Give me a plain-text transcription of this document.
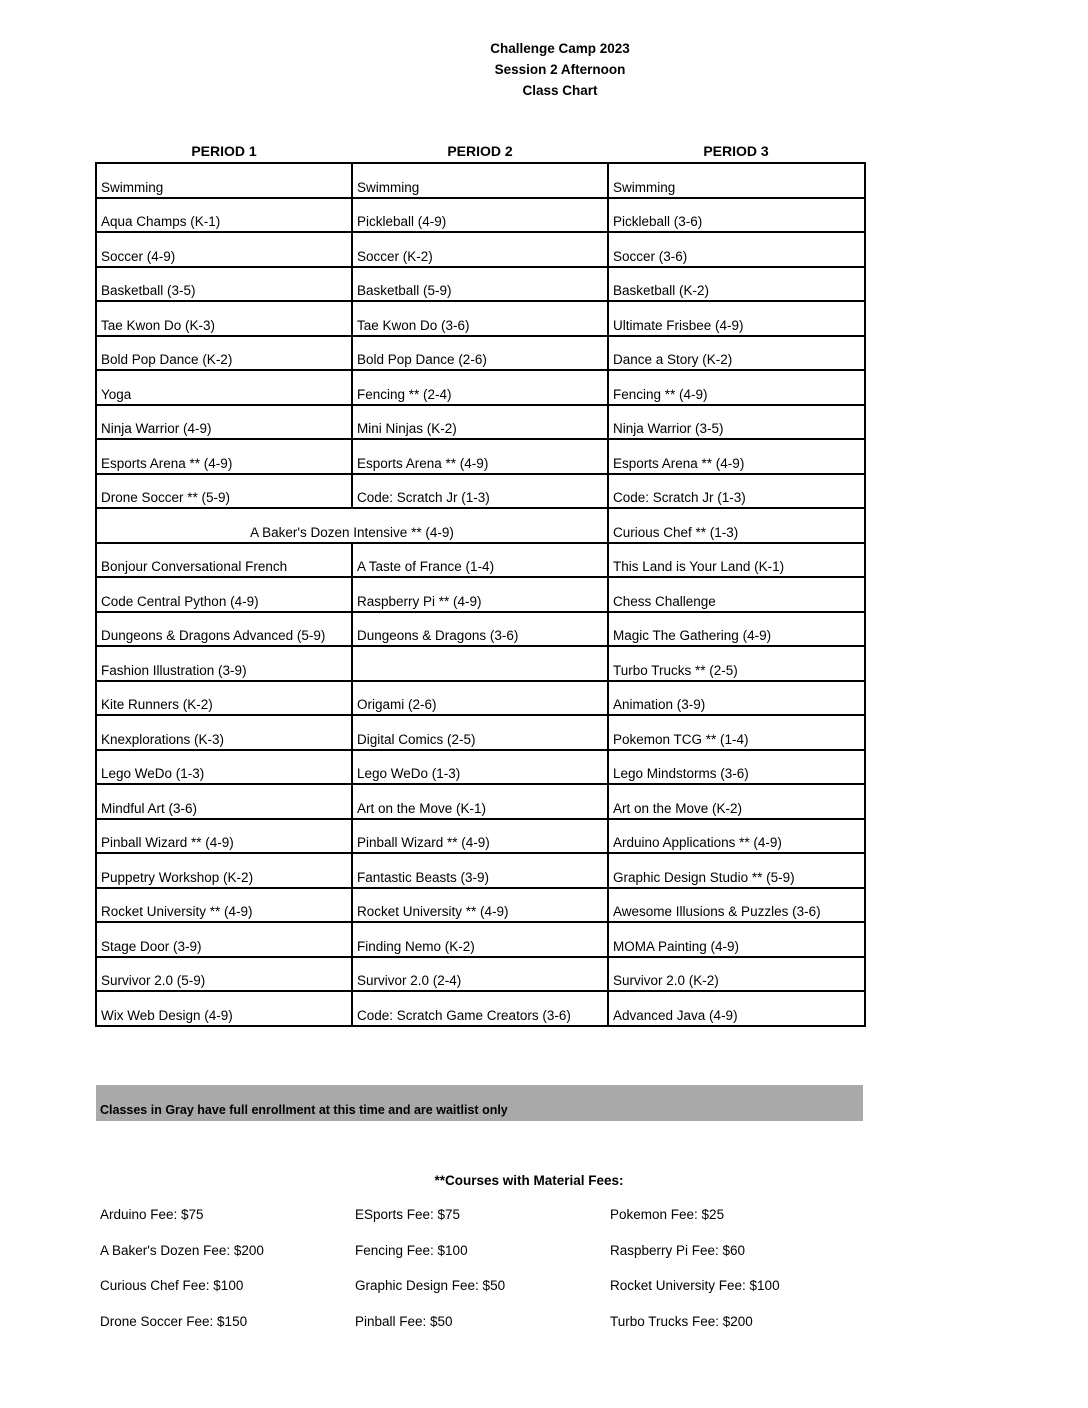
Challenge Camp 2023
Session 2 Afternoon
Class Chart
PERIOD 1	PERIOD 2	PERIOD 3
Swimming	Swimming	Swimming
Aqua Champs (K-1)	Pickleball (4-9)	Pickleball (3-6)
Soccer (4-9)	Soccer (K-2)	Soccer (3-6)
Basketball (3-5)	Basketball (5-9)	Basketball (K-2)
Tae Kwon Do (K-3)	Tae Kwon Do (3-6)	Ultimate Frisbee (4-9)
Bold Pop Dance (K-2)	Bold Pop Dance (2-6)	Dance a Story (K-2)
Yoga	Fencing ** (2-4)	Fencing ** (4-9)
Ninja Warrior (4-9)	Mini Ninjas (K-2)	Ninja Warrior (3-5)
Esports Arena ** (4-9)	Esports Arena ** (4-9)	Esports Arena ** (4-9)
Drone Soccer ** (5-9)	Code: Scratch Jr (1-3)	Code: Scratch Jr (1-3)
A Baker's Dozen Intensive ** (4-9)		Curious Chef ** (1-3)
Bonjour Conversational French	A Taste of France (1-4)	This Land is Your Land (K-1)
Code Central Python (4-9)	Raspberry Pi ** (4-9)	Chess Challenge
Dungeons & Dragons Advanced (5-9)	Dungeons & Dragons (3-6)	Magic The Gathering (4-9)
Fashion Illustration (3-9)		Turbo Trucks ** (2-5)
Kite Runners (K-2)	Origami (2-6)	Animation (3-9)
Knexplorations (K-3)	Digital Comics (2-5)	Pokemon TCG ** (1-4)
Lego WeDo (1-3)	Lego WeDo (1-3)	Lego Mindstorms (3-6)
Mindful Art (3-6)	Art on the Move (K-1)	Art on the Move (K-2)
Pinball Wizard ** (4-9)	Pinball Wizard ** (4-9)	Arduino Applications ** (4-9)
Puppetry Workshop (K-2)	Fantastic Beasts (3-9)	Graphic Design Studio ** (5-9)
Rocket University ** (4-9)	Rocket University ** (4-9)	Awesome Illusions & Puzzles (3-6)
Stage Door (3-9)	Finding Nemo (K-2)	MOMA Painting (4-9)
Survivor 2.0 (5-9)	Survivor 2.0 (2-4)	Survivor 2.0 (K-2)
Wix Web Design (4-9)	Code: Scratch Game Creators (3-6)	Advanced Java (4-9)
Classes in Gray have full enrollment at this time and are waitlist only
**Courses with Material Fees:
Arduino Fee: $75	ESports Fee: $75	Pokemon Fee: $25
A Baker's Dozen Fee: $200	Fencing Fee: $100	Raspberry Pi Fee: $60
Curious Chef Fee: $100	Graphic Design Fee: $50	Rocket University Fee: $100
Drone Soccer Fee: $150	Pinball Fee: $50	Turbo Trucks Fee: $200
